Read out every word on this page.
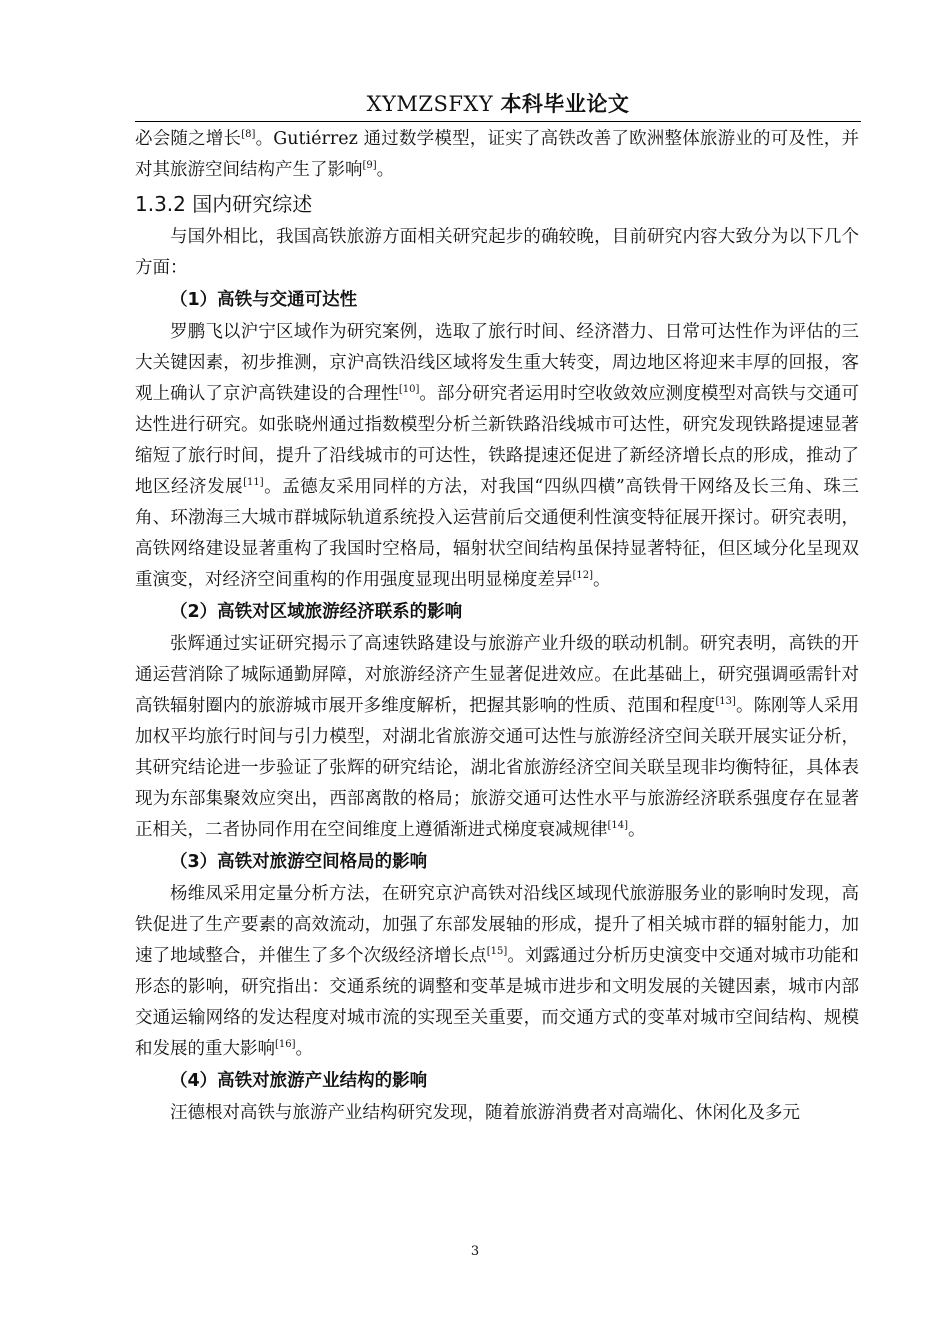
XYMZSFXY 本科毕业论文

必会随之增长[8]。Gutiérrez 通过数学模型，证实了高铁改善了欧洲整体旅游业的可及性，并对其旅游空间结构产生了影响[9]。

1.3.2 国内研究综述

与国外相比，我国高铁旅游方面相关研究起步的确较晚，目前研究内容大致分为以下几个方面：

（1）高铁与交通可达性

罗鹏飞以沪宁区域作为研究案例，选取了旅行时间、经济潜力、日常可达性作为评估的三大关键因素，初步推测，京沪高铁沿线区域将发生重大转变，周边地区将迎来丰厚的回报，客观上确认了京沪高铁建设的合理性[10]。部分研究者运用时空收敛效应测度模型对高铁与交通可达性进行研究。如张晓州通过指数模型分析兰新铁路沿线城市可达性，研究发现铁路提速显著缩短了旅行时间，提升了沿线城市的可达性，铁路提速还促进了新经济增长点的形成，推动了地区经济发展[11]。孟德友采用同样的方法，对我国“四纵四横”高铁骨干网络及长三角、珠三角、环渤海三大城市群城际轨道系统投入运营前后交通便利性演变特征展开探讨。研究表明，高铁网络建设显著重构了我国时空格局，辐射状空间结构虽保持显著特征，但区域分化呈现双重演变，对经济空间重构的作用强度显现出明显梯度差异[12]。

（2）高铁对区域旅游经济联系的影响

张辉通过实证研究揭示了高速铁路建设与旅游产业升级的联动机制。研究表明，高铁的开通运营消除了城际通勤屏障，对旅游经济产生显著促进效应。在此基础上，研究强调亟需针对高铁辐射圈内的旅游城市展开多维度解析，把握其影响的性质、范围和程度[13]。陈刚等人采用加权平均旅行时间与引力模型，对湖北省旅游交通可达性与旅游经济空间关联开展实证分析，其研究结论进一步验证了张辉的研究结论，湖北省旅游经济空间关联呈现非均衡特征，具体表现为东部集聚效应突出，西部离散的格局；旅游交通可达性水平与旅游经济联系强度存在显著正相关，二者协同作用在空间维度上遵循渐进式梯度衰减规律[14]。

（3）高铁对旅游空间格局的影响

杨维凤采用定量分析方法，在研究京沪高铁对沿线区域现代旅游服务业的影响时发现，高铁促进了生产要素的高效流动，加强了东部发展轴的形成，提升了相关城市群的辐射能力，加速了地域整合，并催生了多个次级经济增长点[15]。刘露通过分析历史演变中交通对城市功能和形态的影响，研究指出：交通系统的调整和变革是城市进步和文明发展的关键因素，城市内部交通运输网络的发达程度对城市流的实现至关重要，而交通方式的变革对城市空间结构、规模和发展的重大影响[16]。

（4）高铁对旅游产业结构的影响

汪德根对高铁与旅游产业结构研究发现，随着旅游消费者对高端化、休闲化及多元

3
